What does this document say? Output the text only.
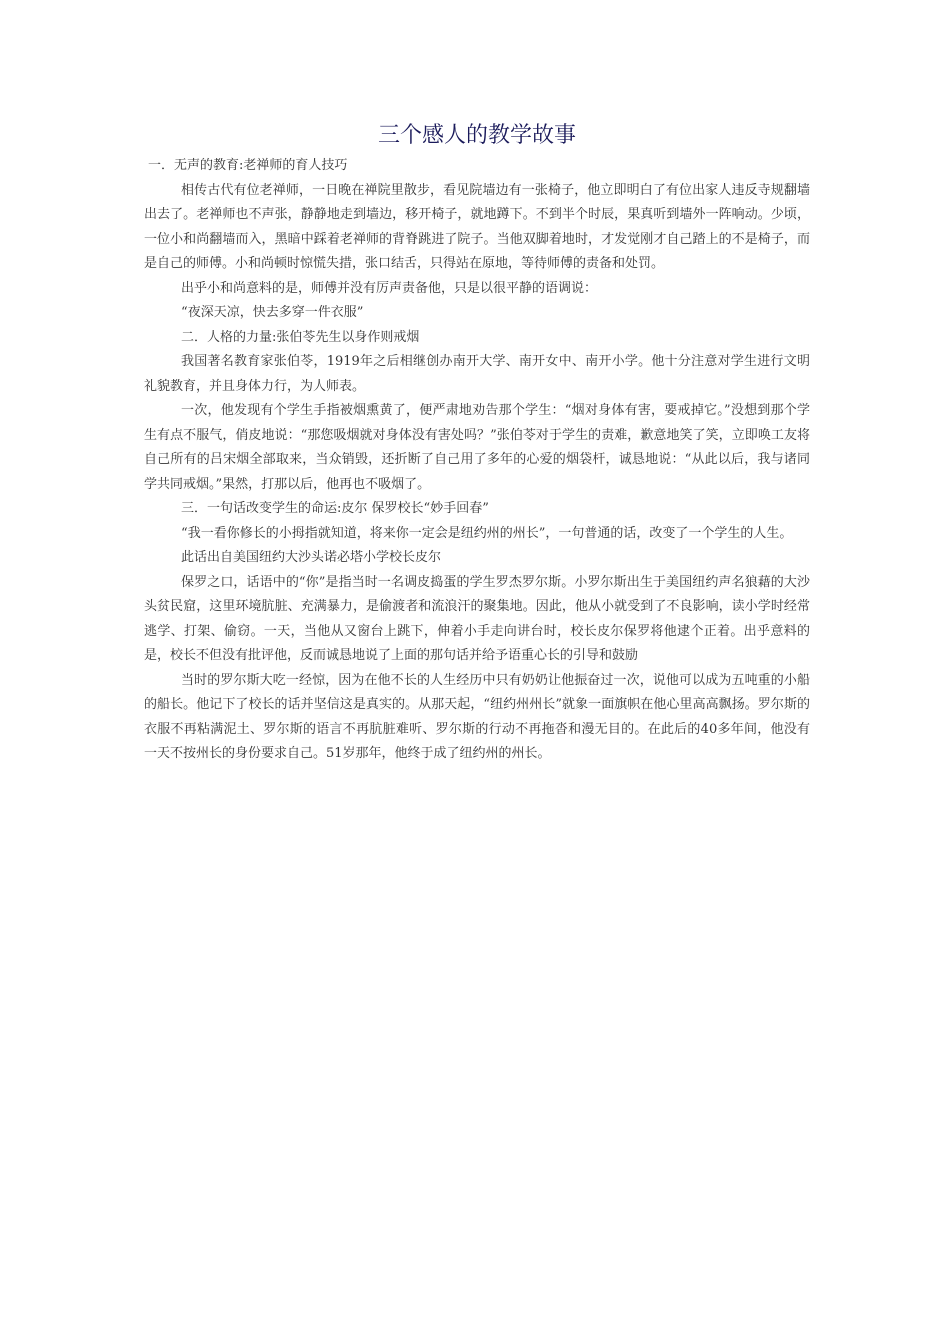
三个感人的教学故事

一．无声的教育:老禅师的育人技巧

相传古代有位老禅师，一日晚在禅院里散步，看见院墙边有一张椅子，他立即明白了有位出家人违反寺规翻墙出去了。老禅师也不声张，静静地走到墙边，移开椅子，就地蹲下。不到半个时辰，果真听到墙外一阵响动。少顷，一位小和尚翻墙而入，黑暗中踩着老禅师的背脊跳进了院子。当他双脚着地时，才发觉刚才自己踏上的不是椅子，而是自己的师傅。小和尚顿时惊慌失措，张口结舌，只得站在原地，等待师傅的责备和处罚。

出乎小和尚意料的是，师傅并没有厉声责备他，只是以很平静的语调说：

“夜深天凉，快去多穿一件衣服”

二．人格的力量:张伯苓先生以身作则戒烟

我国著名教育家张伯苓，1919年之后相继创办南开大学、南开女中、南开小学。他十分注意对学生进行文明礼貌教育，并且身体力行，为人师表。

一次，他发现有个学生手指被烟熏黄了，便严肃地劝告那个学生：“烟对身体有害，要戒掉它。”没想到那个学生有点不服气，俏皮地说：“那您吸烟就对身体没有害处吗？”张伯苓对于学生的责难，歉意地笑了笑，立即唤工友将自己所有的吕宋烟全部取来，当众销毁，还折断了自己用了多年的心爱的烟袋杆，诚恳地说：“从此以后，我与诸同学共同戒烟。”果然，打那以后，他再也不吸烟了。

三．一句话改变学生的命运:皮尔 保罗校长“妙手回春”

“我一看你修长的小拇指就知道，将来你一定会是纽约州的州长”，一句普通的话，改变了一个学生的人生。

此话出自美国纽约大沙头诺必塔小学校长皮尔

保罗之口，话语中的“你”是指当时一名调皮捣蛋的学生罗杰罗尔斯。小罗尔斯出生于美国纽约声名狼藉的大沙头贫民窟，这里环境肮脏、充满暴力，是偷渡者和流浪汗的聚集地。因此，他从小就受到了不良影响，读小学时经常逃学、打架、偷窃。一天，当他从又窗台上跳下，伸着小手走向讲台时，校长皮尔保罗将他逮个正着。出乎意料的是，校长不但没有批评他，反而诚恳地说了上面的那句话并给予语重心长的引导和鼓励

当时的罗尔斯大吃一经惊，因为在他不长的人生经历中只有奶奶让他振奋过一次，说他可以成为五吨重的小船的船长。他记下了校长的话并坚信这是真实的。从那天起，“纽约州州长”就象一面旗帜在他心里高高飘扬。罗尔斯的衣服不再粘满泥土、罗尔斯的语言不再肮脏难听、罗尔斯的行动不再拖沓和漫无目的。在此后的40多年间，他没有一天不按州长的身份要求自己。51岁那年，他终于成了纽约州的州长。
